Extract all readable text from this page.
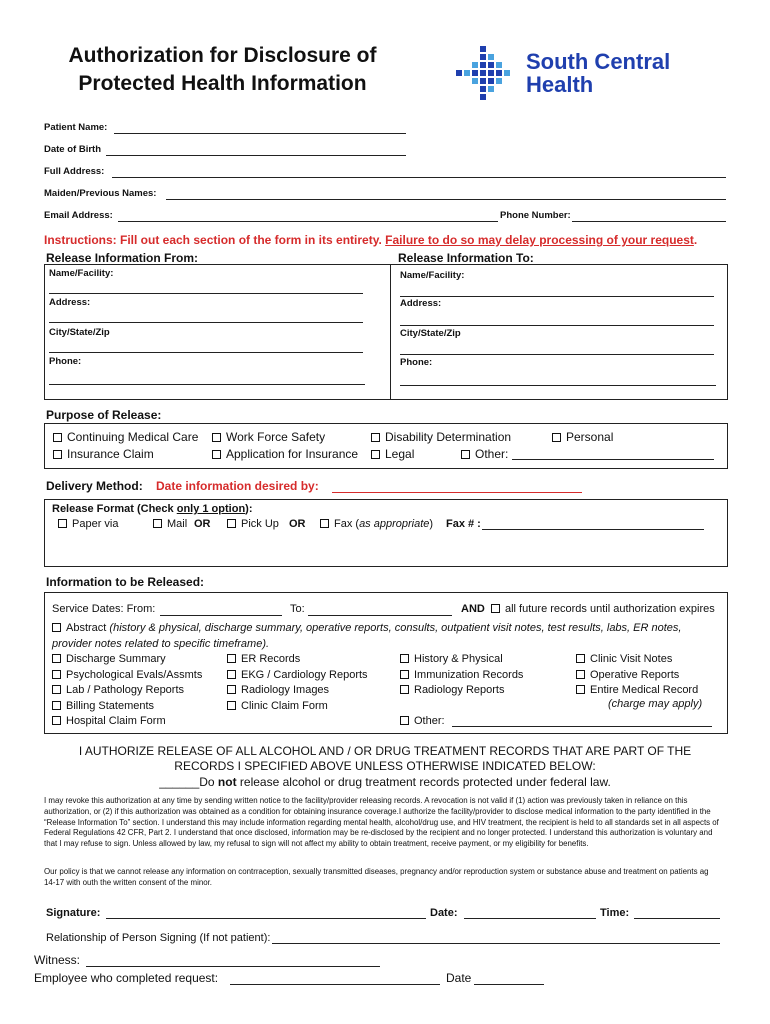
Authorization for Disclosure of
Protected Health Information
South Central
Health
Patient Name:
Date of Birth
Full Address:
Maiden/Previous Names:
Email Address:	Phone Number:
Instructions: Fill out each section of the form in its entirety. Failure to do so may delay processing of your request.
Release Information From:	Release Information To:
Name/Facility:
Address:
City/State/Zip
Phone:
Name/Facility:
Address:
City/State/Zip
Phone:
Purpose of Release:
Continuing Medical Care
Insurance Claim
Work Force Safety
Application for Insurance
Disability Determination
Legal
Personal
Other:
Delivery Method: Date information desired by:
Release Format (Check only 1 option):
Paper via	Mail OR	Pick Up OR	Fax (as appropriate) Fax # :
Information to be Released:
Service Dates: From:	To:	AND	all future records until authorization expires
Abstract (history & physical, discharge summary, operative reports, consults, outpatient visit notes, test results, labs, ER notes,
provider notes related to specific timeframe).
Discharge Summary
Psychological Evals/Assmts
Lab / Pathology Reports
Billing Statements
Hospital Claim Form
ER Records
EKG / Cardiology Reports
Radiology Images
Clinic Claim Form
History & Physical
Immunization Records
Radiology Reports
Other:
Clinic Visit Notes
Operative Reports
Entire Medical Record
(charge may apply)
I AUTHORIZE RELEASE OF ALL ALCOHOL AND / OR DRUG TREATMENT RECORDS THAT ARE PART OF THE
RECORDS I SPECIFIED ABOVE UNLESS OTHERWISE INDICATED BELOW:
______Do not release alcohol or drug treatment records protected under federal law.
I may revoke this authorization at any time by sending written notice to the facility/provider releasing records. A revocation is not valid if (1) action was previously taken in reliance on this authorization, or (2) if this authorization was obtained as a condition for obtaining insurance coverage.I authorize the facility/provider to disclose medical information to the party identified in the “Release Information To” section. I understand this may include information regarding mental health, alcohol/drug use, and HIV treatment, the recipient is held to all standards set in all aspects of Federal Regulations 42 CFR, Part 2. I understand that once disclosed, information may be re-disclosed by the recipient and no longer protected. I understand this authorization is voluntary and that I may refuse to sign. Unless allowed by law, my refusal to sign will not affect my ability to obtain treatment, receive payment, or my eligibility for benefits.
Our policy is that we cannot release any information on contrraception, sexually transmitted diseases, pregnancy and/or reproduction system or substance abuse and treatment on patients ag 14-17 with outh the written consent of the minor.
Signature:	Date:	Time:
Relationship of Person Signing (If not patient):
Witness:
Employee who completed request:	Date
